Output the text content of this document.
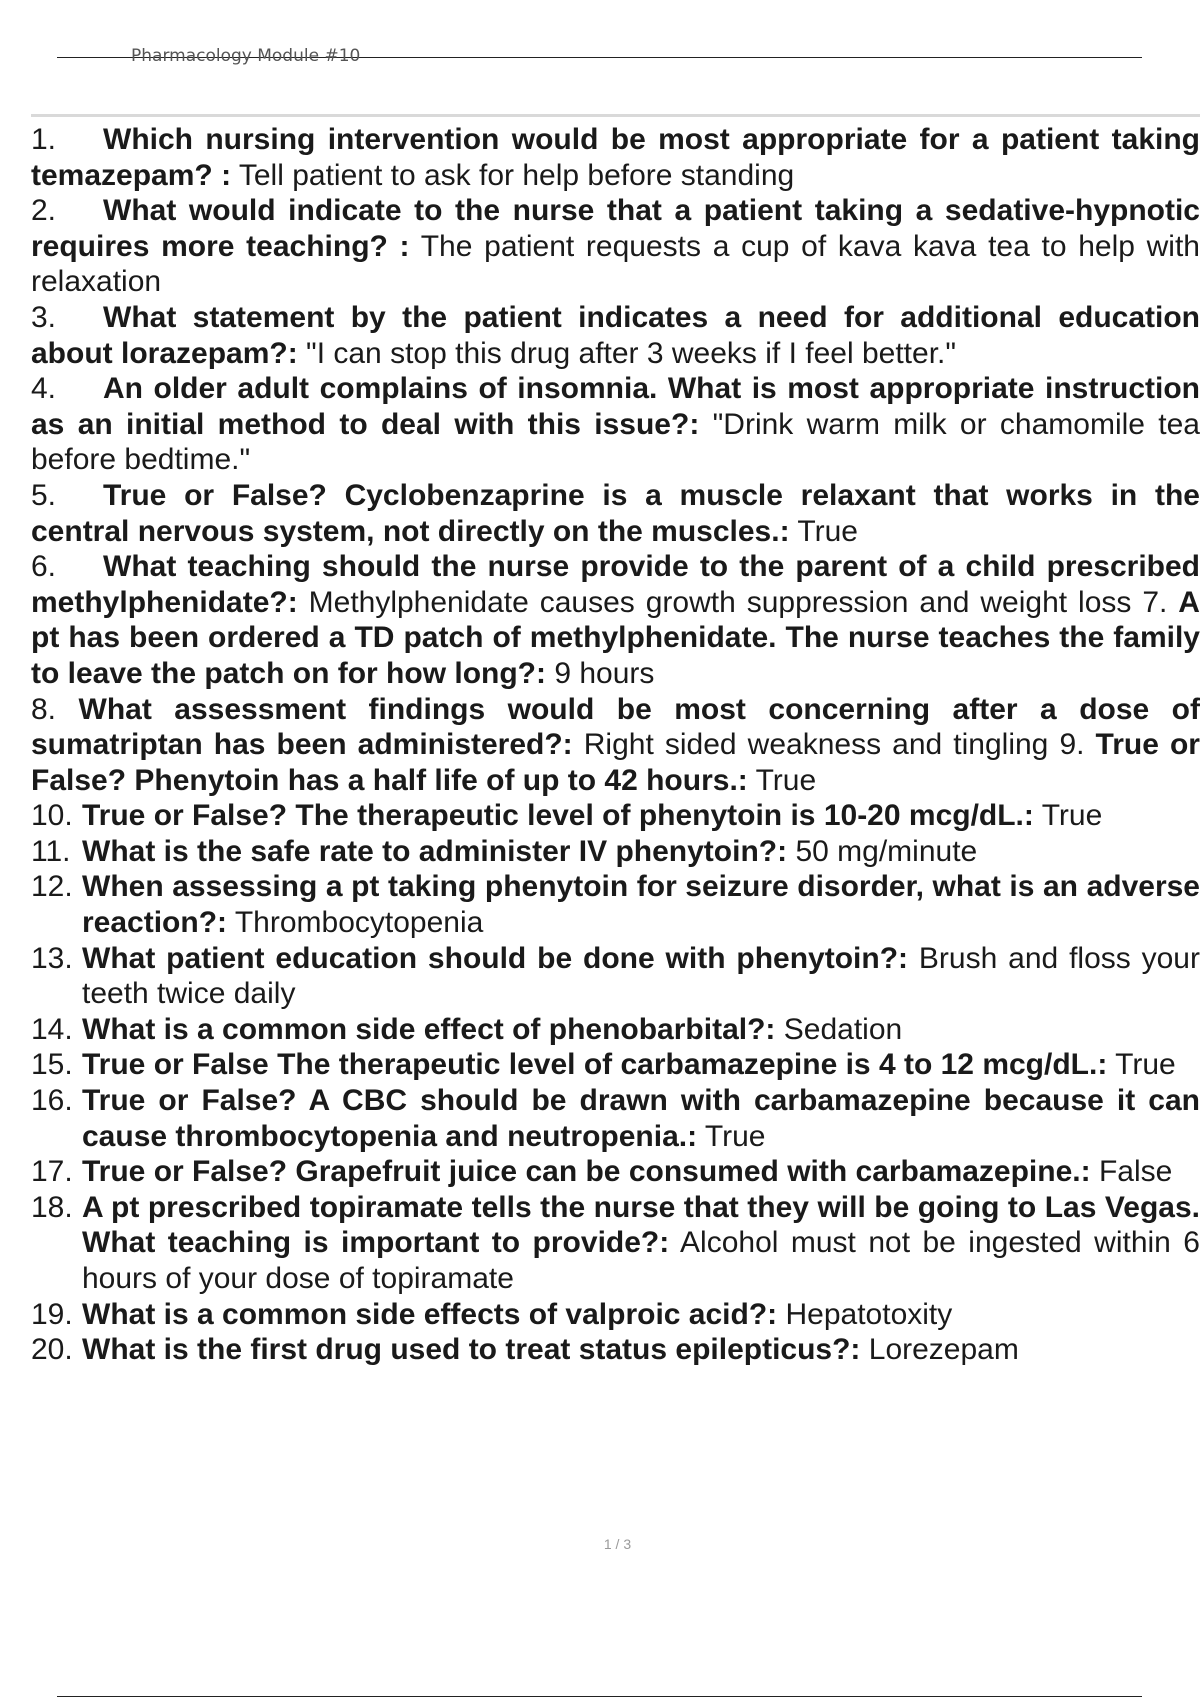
Pharmacology Module #10

1. Which nursing intervention would be most appropriate for a patient taking temazepam? : Tell patient to ask for help before standing

2. What would indicate to the nurse that a patient taking a sedative-hypnotic requires more teaching? : The patient requests a cup of kava kava tea to help with relaxation

3. What statement by the patient indicates a need for additional education about lorazepam?: "I can stop this drug after 3 weeks if I feel better."

4. An older adult complains of insomnia. What is most appropriate instruction as an initial method to deal with this issue?: "Drink warm milk or chamomile tea before bedtime."

5. True or False? Cyclobenzaprine is a muscle relaxant that works in the central nervous system, not directly on the muscles.: True

6. What teaching should the nurse provide to the parent of a child prescribed methylphenidate?: Methylphenidate causes growth suppression and weight loss 7. A pt has been ordered a TD patch of methylphenidate. The nurse teaches the family to leave the patch on for how long?: 9 hours

8. What assessment findings would be most concerning after a dose of sumatriptan has been administered?: Right sided weakness and tingling 9. True or False? Phenytoin has a half life of up to 42 hours.: True

10. True or False? The therapeutic level of phenytoin is 10-20 mcg/dL.: True

11. What is the safe rate to administer IV phenytoin?: 50 mg/minute

12. When assessing a pt taking phenytoin for seizure disorder, what is an adverse reaction?: Thrombocytopenia

13. What patient education should be done with phenytoin?: Brush and floss your teeth twice daily

14. What is a common side effect of phenobarbital?: Sedation

15. True or False The therapeutic level of carbamazepine is 4 to 12 mcg/dL.: True

16. True or False? A CBC should be drawn with carbamazepine because it can cause thrombocytopenia and neutropenia.: True

17. True or False? Grapefruit juice can be consumed with carbamazepine.: False

18. A pt prescribed topiramate tells the nurse that they will be going to Las Vegas. What teaching is important to provide?: Alcohol must not be ingested within 6 hours of your dose of topiramate

19. What is a common side effects of valproic acid?: Hepatotoxity

20. What is the first drug used to treat status epilepticus?: Lorezepam

1 / 3
